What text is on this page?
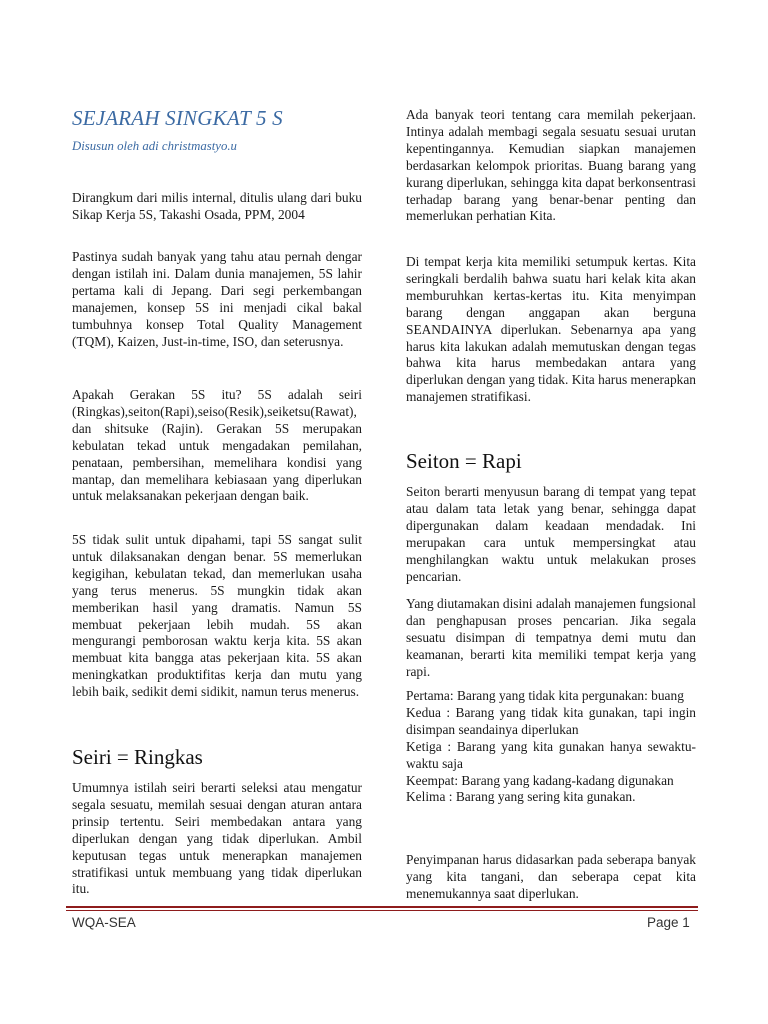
SEJARAH SINGKAT 5 S
Disusun oleh adi christmastyo.u

Dirangkum dari milis internal, ditulis ulang dari buku Sikap Kerja 5S, Takashi Osada, PPM, 2004

Pastinya sudah banyak yang tahu atau pernah dengar dengan istilah ini. Dalam dunia manajemen, 5S lahir pertama kali di Jepang. Dari segi perkembangan manajemen, konsep 5S ini menjadi cikal bakal tumbuhnya konsep Total Quality Management (TQM), Kaizen, Just-in-time, ISO, dan seterusnya.

Apakah Gerakan 5S itu? 5S adalah seiri (Ringkas),seiton(Rapi),seiso(Resik),seiketsu(Rawat), dan shitsuke (Rajin). Gerakan 5S merupakan kebulatan tekad untuk mengadakan pemilahan, penataan, pembersihan, memelihara kondisi yang mantap, dan memelihara kebiasaan yang diperlukan untuk melaksanakan pekerjaan dengan baik.

5S tidak sulit untuk dipahami, tapi 5S sangat sulit untuk dilaksanakan dengan benar. 5S memerlukan kegigihan, kebulatan tekad, dan memerlukan usaha yang terus menerus. 5S mungkin tidak akan memberikan hasil yang dramatis. Namun 5S membuat pekerjaan lebih mudah. 5S akan mengurangi pemborosan waktu kerja kita. 5S akan membuat kita bangga atas pekerjaan kita. 5S akan meningkatkan produktifitas kerja dan mutu yang lebih baik, sedikit demi sidikit, namun terus menerus.

Seiri = Ringkas

Umumnya istilah seiri berarti seleksi atau mengatur segala sesuatu, memilah sesuai dengan aturan antara prinsip tertentu. Seiri membedakan antara yang diperlukan dengan yang tidak diperlukan. Ambil keputusan tegas untuk menerapkan manajemen stratifikasi untuk membuang yang tidak diperlukan itu.

Ada banyak teori tentang cara memilah pekerjaan. Intinya adalah membagi segala sesuatu sesuai urutan kepentingannya. Kemudian siapkan manajemen berdasarkan kelompok prioritas. Buang barang yang kurang diperlukan, sehingga kita dapat berkonsentrasi terhadap barang yang benar-benar penting dan memerlukan perhatian Kita.

Di tempat kerja kita memiliki setumpuk kertas. Kita seringkali berdalih bahwa suatu hari kelak kita akan memburuhkan kertas-kertas itu. Kita menyimpan barang dengan anggapan akan berguna SEANDAINYA diperlukan. Sebenarnya apa yang harus kita lakukan adalah memutuskan dengan tegas bahwa kita harus membedakan antara yang diperlukan dengan yang tidak. Kita harus menerapkan manajemen stratifikasi.

Seiton = Rapi

Seiton berarti menyusun barang di tempat yang tepat atau dalam tata letak yang benar, sehingga dapat dipergunakan dalam keadaan mendadak. Ini merupakan cara untuk mempersingkat atau menghilangkan waktu untuk melakukan proses pencarian.

Yang diutamakan disini adalah manajemen fungsional dan penghapusan proses pencarian. Jika segala sesuatu disimpan di tempatnya demi mutu dan keamanan, berarti kita memiliki tempat kerja yang rapi.

Pertama: Barang yang tidak kita pergunakan: buang

Kedua : Barang yang tidak kita gunakan, tapi ingin disimpan seandainya diperlukan

Ketiga : Barang yang kita gunakan hanya sewaktu-waktu saja

Keempat: Barang yang kadang-kadang digunakan

Kelima : Barang yang sering kita gunakan.

Penyimpanan harus didasarkan pada seberapa banyak yang kita tangani, dan seberapa cepat kita menemukannya saat diperlukan.

WQA-SEA	Page 1
